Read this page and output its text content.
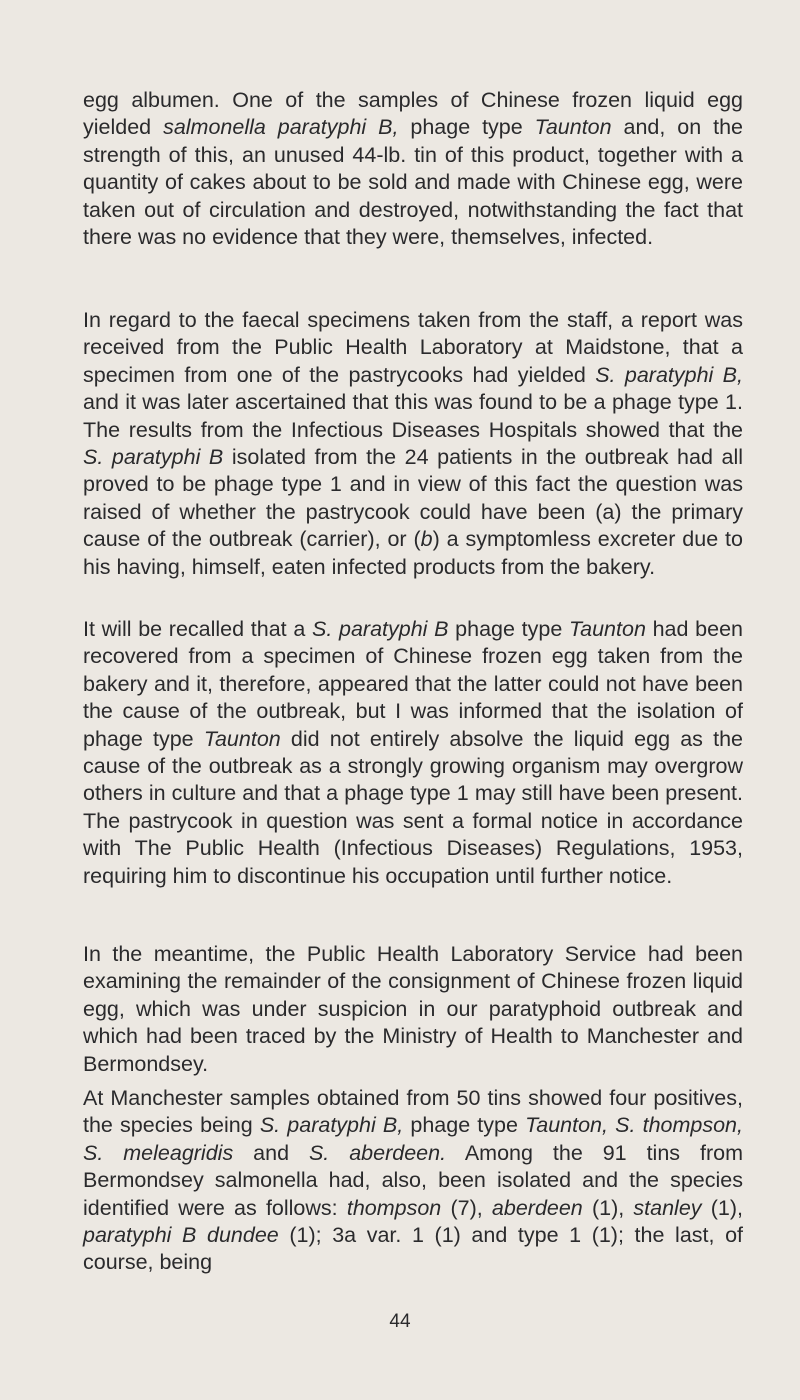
egg albumen. One of the samples of Chinese frozen liquid egg yielded salmonella paratyphi B, phage type Taunton and, on the strength of this, an unused 44-lb. tin of this product, together with a quantity of cakes about to be sold and made with Chinese egg, were taken out of circulation and destroyed, notwithstanding the fact that there was no evidence that they were, themselves, infected.

In regard to the faecal specimens taken from the staff, a report was received from the Public Health Laboratory at Maidstone, that a specimen from one of the pastrycooks had yielded S. paratyphi B, and it was later ascertained that this was found to be a phage type 1. The results from the Infectious Diseases Hospitals showed that the S. paratyphi B isolated from the 24 patients in the outbreak had all proved to be phage type 1 and in view of this fact the question was raised of whether the pastrycook could have been (a) the primary cause of the outbreak (carrier), or (b) a symptomless excreter due to his having, himself, eaten infected products from the bakery.

It will be recalled that a S. paratyphi B phage type Taunton had been recovered from a specimen of Chinese frozen egg taken from the bakery and it, therefore, appeared that the latter could not have been the cause of the outbreak, but I was informed that the isolation of phage type Taunton did not entirely absolve the liquid egg as the cause of the outbreak as a strongly growing organism may overgrow others in culture and that a phage type 1 may still have been present. The pastrycook in question was sent a formal notice in accordance with The Public Health (Infectious Diseases) Regulations, 1953, requiring him to discontinue his occupation until further notice.

In the meantime, the Public Health Laboratory Service had been examining the remainder of the consignment of Chinese frozen liquid egg, which was under suspicion in our paratyphoid outbreak and which had been traced by the Ministry of Health to Manchester and Bermondsey.

At Manchester samples obtained from 50 tins showed four positives, the species being S. paratyphi B, phage type Taunton, S. thompson, S. meleagridis and S. aberdeen. Among the 91 tins from Bermondsey salmonella had, also, been isolated and the species identified were as follows: thompson (7), aberdeen (1), stanley (1), paratyphi B dundee (1); 3a var. 1 (1) and type 1 (1); the last, of course, being

44
